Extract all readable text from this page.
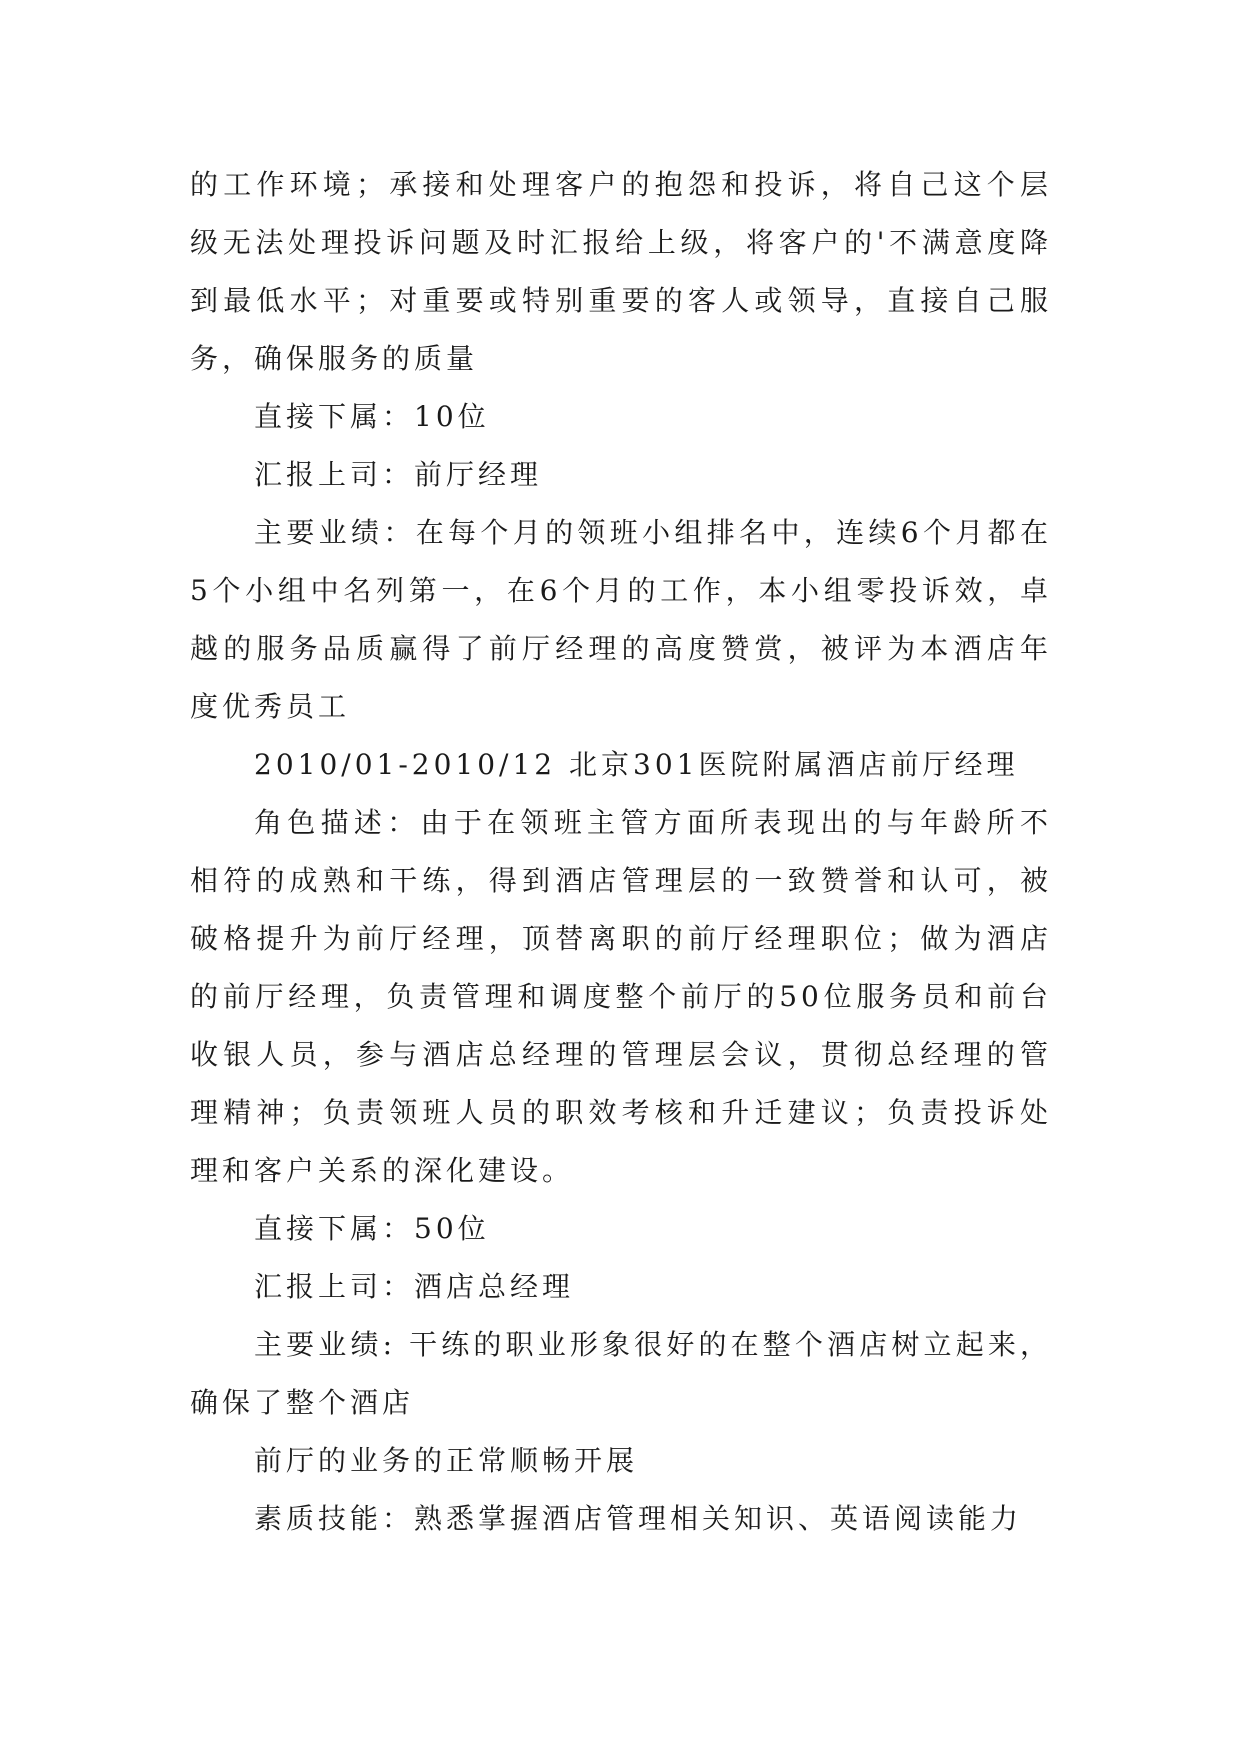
的工作环境；承接和处理客户的抱怨和投诉，将自己这个层级无法处理投诉问题及时汇报给上级，将客户的'不满意度降到最低水平；对重要或特别重要的客人或领导，直接自己服务，确保服务的质量

直接下属：10位

汇报上司：前厅经理

主要业绩：在每个月的领班小组排名中，连续6个月都在5个小组中名列第一，在6个月的工作，本小组零投诉效，卓越的服务品质赢得了前厅经理的高度赞赏，被评为本酒店年度优秀员工

2010/01-2010/12 北京301医院附属酒店前厅经理

角色描述：由于在领班主管方面所表现出的与年龄所不相符的成熟和干练，得到酒店管理层的一致赞誉和认可，被破格提升为前厅经理，顶替离职的前厅经理职位；做为酒店的前厅经理，负责管理和调度整个前厅的50位服务员和前台收银人员，参与酒店总经理的管理层会议，贯彻总经理的管理精神；负责领班人员的职效考核和升迁建议；负责投诉处理和客户关系的深化建设。

直接下属：50位

汇报上司：酒店总经理

主要业绩: 干练的职业形象很好的在整个酒店树立起来，确保了整个酒店

前厅的业务的正常顺畅开展

素质技能：熟悉掌握酒店管理相关知识、英语阅读能力
